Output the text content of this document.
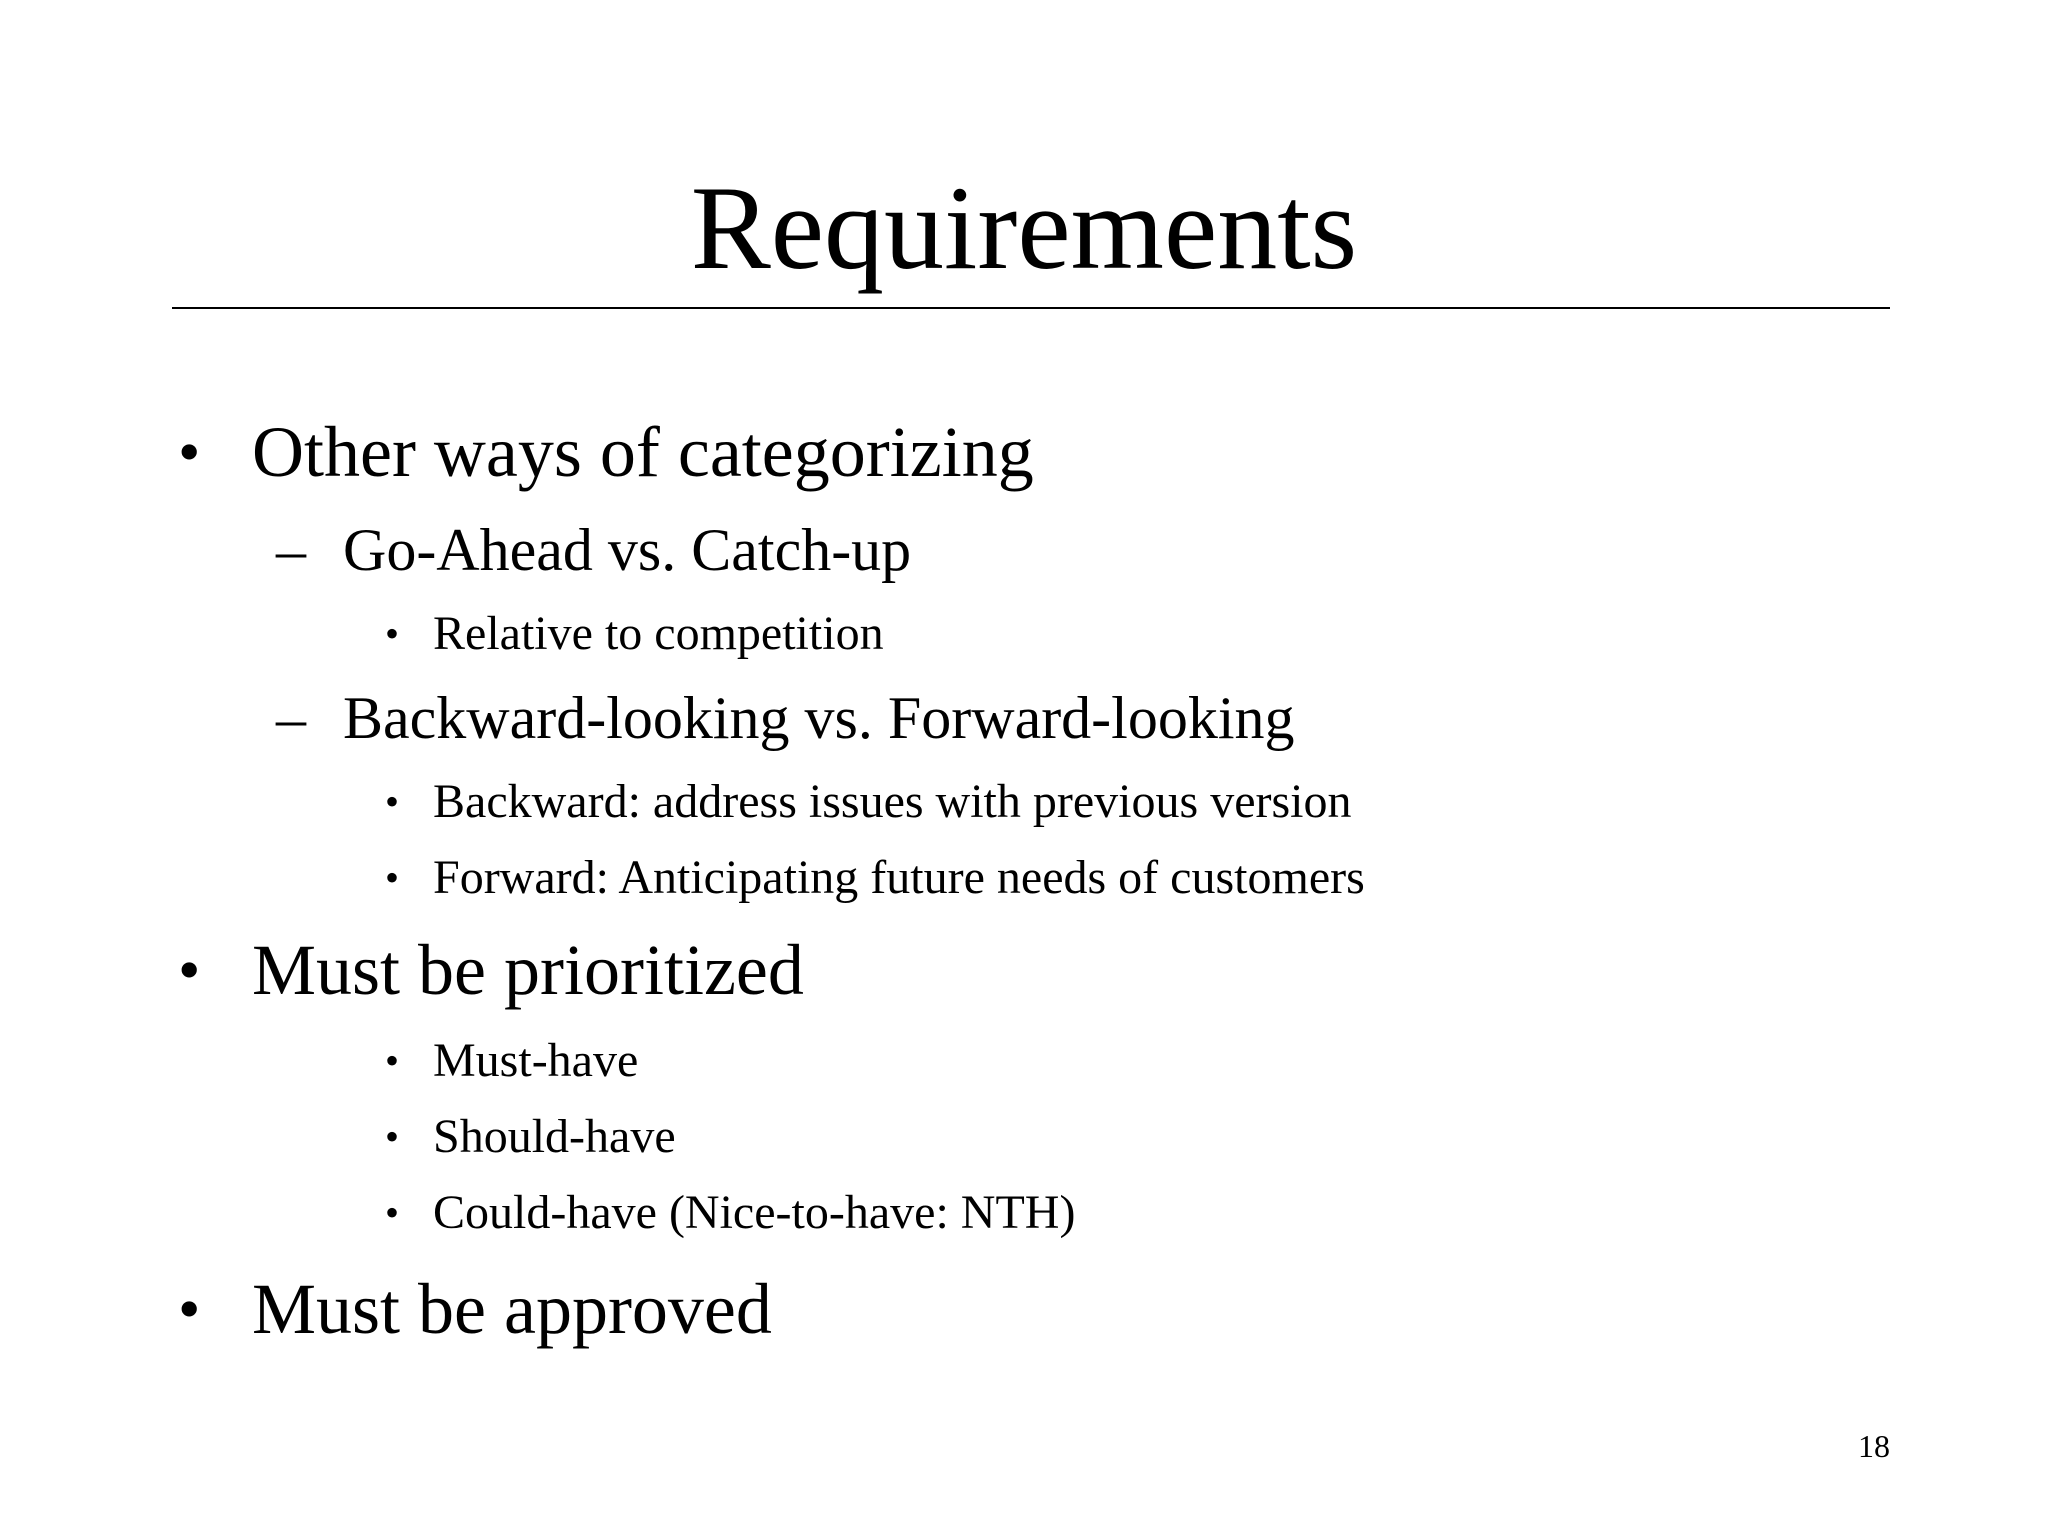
Requirements
• Other ways of categorizing
– Go-Ahead vs. Catch-up
• Relative to competition
– Backward-looking vs. Forward-looking
• Backward: address issues with previous version
• Forward: Anticipating future needs of customers
• Must be prioritized
• Must-have
• Should-have
• Could-have (Nice-to-have: NTH)
• Must be approved
18
